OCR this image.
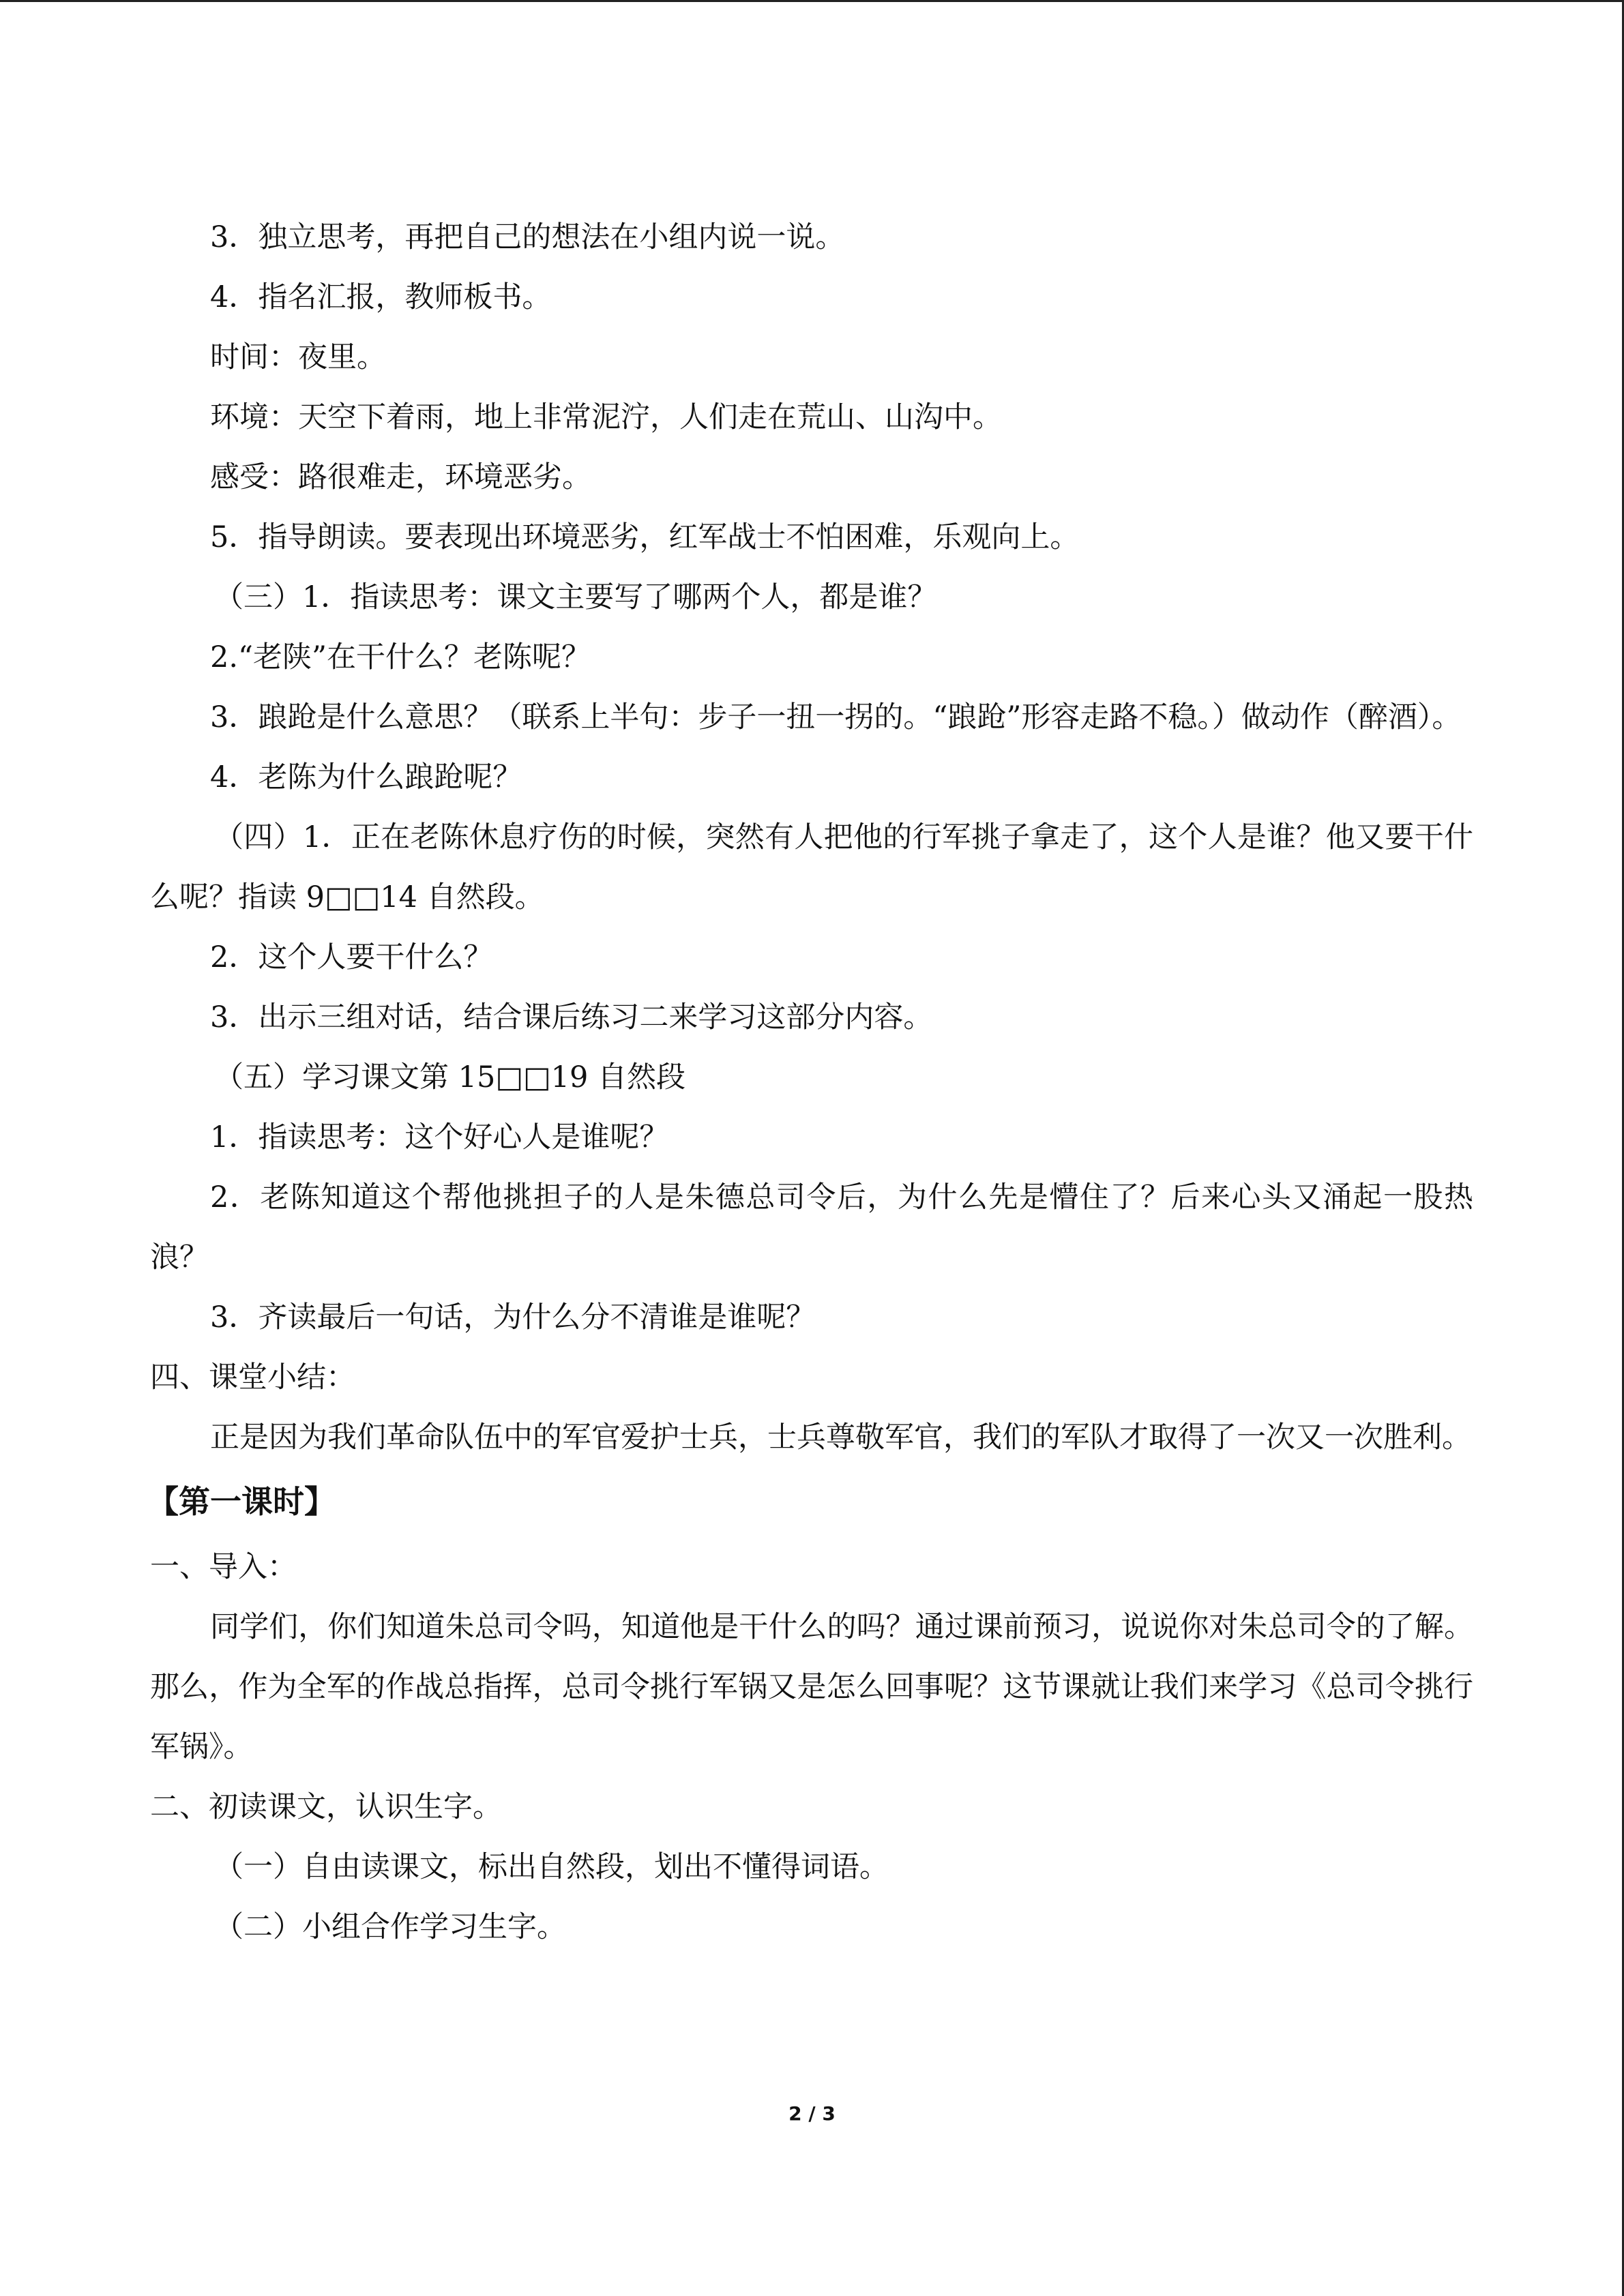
3．独立思考，再把自己的想法在小组内说一说。
4．指名汇报，教师板书。
时间：夜里。
环境：天空下着雨，地上非常泥泞，人们走在荒山、山沟中。
感受：路很难走，环境恶劣。
5．指导朗读。要表现出环境恶劣，红军战士不怕困难，乐观向上。
（三）1．指读思考：课文主要写了哪两个人，都是谁？
2.“老陕”在干什么？老陈呢？
3．踉跄是什么意思？（联系上半句：步子一扭一拐的。“踉跄”形容走路不稳。）做动作（醉酒）。
4．老陈为什么踉跄呢？
（四）1．正在老陈休息疗伤的时候，突然有人把他的行军挑子拿走了，这个人是谁？他又要干什么呢？指读 9□□14 自然段。
2．这个人要干什么？
3．出示三组对话，结合课后练习二来学习这部分内容。
（五）学习课文第 15□□19 自然段
1．指读思考：这个好心人是谁呢？
2．老陈知道这个帮他挑担子的人是朱德总司令后，为什么先是懵住了？后来心头又涌起一股热浪？
3．齐读最后一句话，为什么分不清谁是谁呢？
四、课堂小结：
正是因为我们革命队伍中的军官爱护士兵，士兵尊敬军官，我们的军队才取得了一次又一次胜利。
【第一课时】
一、导入：
同学们，你们知道朱总司令吗，知道他是干什么的吗？通过课前预习，说说你对朱总司令的了解。那么，作为全军的作战总指挥，总司令挑行军锅又是怎么回事呢？这节课就让我们来学习《总司令挑行军锅》。
二、初读课文，认识生字。
（一）自由读课文，标出自然段，划出不懂得词语。
（二）小组合作学习生字。
2 / 3
